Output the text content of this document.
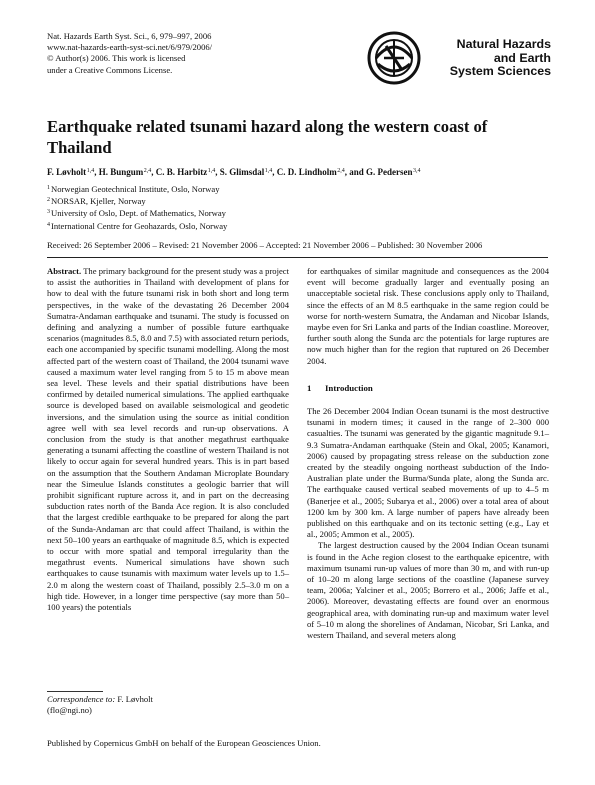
Nat. Hazards Earth Syst. Sci., 6, 979–997, 2006
www.nat-hazards-earth-syst-sci.net/6/979/2006/
© Author(s) 2006. This work is licensed
under a Creative Commons License.
Natural Hazards
and Earth
System Sciences
Earthquake related tsunami hazard along the western coast of Thailand
F. Løvholt$^{1,4}$, H. Bungum$^{2,4}$, C. B. Harbitz$^{1,4}$, S. Glimsdal$^{1,4}$, C. D. Lindholm$^{2,4}$, and G. Pedersen$^{3,4}$
$^1$Norwegian Geotechnical Institute, Oslo, Norway
$^2$NORSAR, Kjeller, Norway
$^3$University of Oslo, Dept. of Mathematics, Norway
$^4$International Centre for Geohazards, Oslo, Norway
Received: 26 September 2006 – Revised: 21 November 2006 – Accepted: 21 November 2006 – Published: 30 November 2006

Abstract. The primary background for the present study was a project to assist the authorities in Thailand with development of plans for how to deal with the future tsunami risk in both short and long term perspectives, in the wake of the devastating 26 December 2004 Sumatra-Andaman earthquake and tsunami. The study is focussed on defining and analyzing a number of possible future earthquake scenarios (magnitudes 8.5, 8.0 and 7.5) with associated return periods, each one accompanied by specific tsunami modelling. Along the most affected part of the western coast of Thailand, the 2004 tsunami wave caused a maximum water level ranging from 5 to 15 m above mean sea level. These levels and their spatial distributions have been confirmed by detailed numerical simulations. The applied earthquake source is developed based on available seismological and geodetic inversions, and the simulation using the source as initial condition agree well with sea level records and run-up observations. A conclusion from the study is that another megathrust earthquake generating a tsunami affecting the coastline of western Thailand is not likely to occur again for several hundred years. This is in part based on the assumption that the Southern Andaman Microplate Boundary near the Simeulue Islands constitutes a geologic barrier that will prohibit significant rupture across it, and in part on the decreasing subduction rates north of the Banda Ace region. It is also concluded that the largest credible earthquake to be prepared for along the part of the Sunda-Andaman arc that could affect Thailand, is within the next 50–100 years an earthquake of magnitude 8.5, which is expected to occur with more spatial and temporal irregularity than the megathrust events. Numerical simulations have shown such earthquakes to cause tsunamis with maximum water levels up to 1.5–2.0 m along the western coast of Thailand, possibly 2.5–3.0 m on a high tide. However, in a longer time perspective (say more than 50–100 years) the potentials

for earthquakes of similar magnitude and consequences as the 2004 event will become gradually larger and eventually posing an unacceptable societal risk. These conclusions apply only to Thailand, since the effects of an M 8.5 earthquake in the same region could be worse for north-western Sumatra, the Andaman and Nicobar Islands, maybe even for Sri Lanka and parts of the Indian coastline. Moreover, further south along the Sunda arc the potentials for large ruptures are now much higher than for the region that ruptured on 26 December 2004.

1 Introduction

The 26 December 2004 Indian Ocean tsunami is the most destructive tsunami in modern times; it caused in the range of 2–300 000 casualties. The tsunami was generated by the gigantic magnitude 9.1–9.3 Sumatra-Andaman earthquake (Stein and Okal, 2005; Kanamori, 2006) caused by propagating stress release on the subduction zone created by the steadily ongoing northeast subduction of the Indo-Australian plate under the Burma/Sunda plate, along the Sunda arc. The earthquake caused vertical seabed movements of up to 4–5 m (Banerjee et al., 2005; Subarya et al., 2006) over a total area of about 1200 km by 300 km. A large number of papers have already been published on this earthquake and on its tectonic setting (e.g., Lay et al., 2005; Ammon et al., 2005).

The largest destruction caused by the 2004 Indian Ocean tsunami is found in the Ache region closest to the earthquake epicentre, with maximum tsunami run-up values of more than 30 m, and with run-up of 10–20 m along large sections of the coastline (Japanese survey team, 2006a; Yalciner et al., 2005; Borrero et al., 2006; Jaffe et al., 2006). Moreover, devastating effects are found over an enormous geographical area, with dominating run-up and maximum water level of 5–10 m along the shorelines of Andaman, Nicobar, Sri Lanka, and western Thailand, and several meters along

Correspondence to: F. Løvholt
(flo@ngi.no)
Published by Copernicus GmbH on behalf of the European Geosciences Union.
